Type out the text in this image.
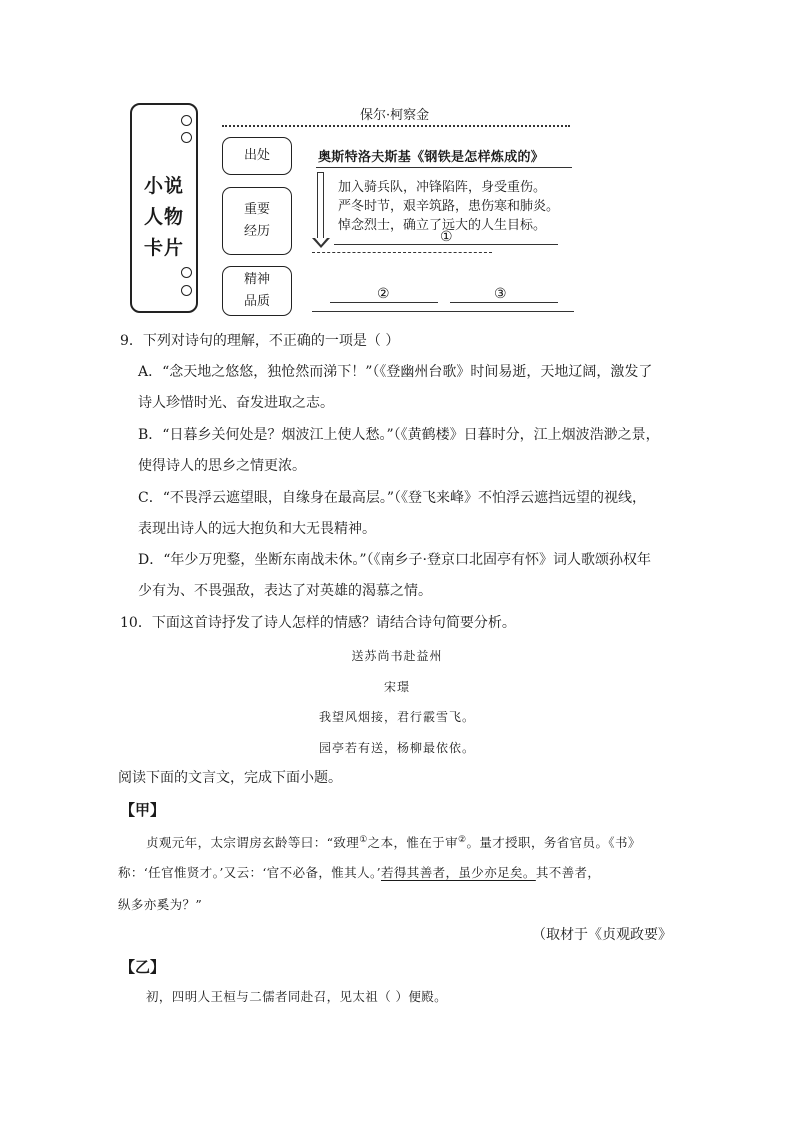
小说
人物
卡片
保尔·柯察金
出处
重要
经历
精神
品质
奥斯特洛夫斯基《钢铁是怎样炼成的》
加入骑兵队，冲锋陷阵，身受重伤。
严冬时节，艰辛筑路，患伤寒和肺炎。
悼念烈士，确立了远大的人生目标。
①
②	③
9．下列对诗句的理解，不正确的一项是（ ）
A．“念天地之悠悠，独怆然而涕下！”（《登幽州台歌》时间易逝，天地辽阔，激发了
诗人珍惜时光、奋发进取之志。
B．“日暮乡关何处是？烟波江上使人愁。”（《黄鹤楼》日暮时分，江上烟波浩渺之景，
使得诗人的思乡之情更浓。
C．“不畏浮云遮望眼，自缘身在最高层。”（《登飞来峰》不怕浮云遮挡远望的视线，
表现出诗人的远大抱负和大无畏精神。
D．“年少万兜鍪，坐断东南战未休。”（《南乡子·登京口北固亭有怀》词人歌颂孙权年
少有为、不畏强敌，表达了对英雄的渴慕之情。
10．下面这首诗抒发了诗人怎样的情感？请结合诗句简要分析。
送苏尚书赴益州
宋璟
我望风烟接，君行霰雪飞。
园亭若有送，杨柳最依依。
阅读下面的文言文，完成下面小题。
【甲】
贞观元年，太宗谓房玄龄等曰：“致理①之本，惟在于审②。量才授职，务省官员。《书》
称：‘任官惟贤才。’又云：‘官不必备，惟其人。’若得其善者，虽少亦足矣。其不善者，
纵多亦奚为？”
（取材于《贞观政要》
【乙】
初，四明人王桓与二儒者同赴召，见太祖（ ）便殿。
